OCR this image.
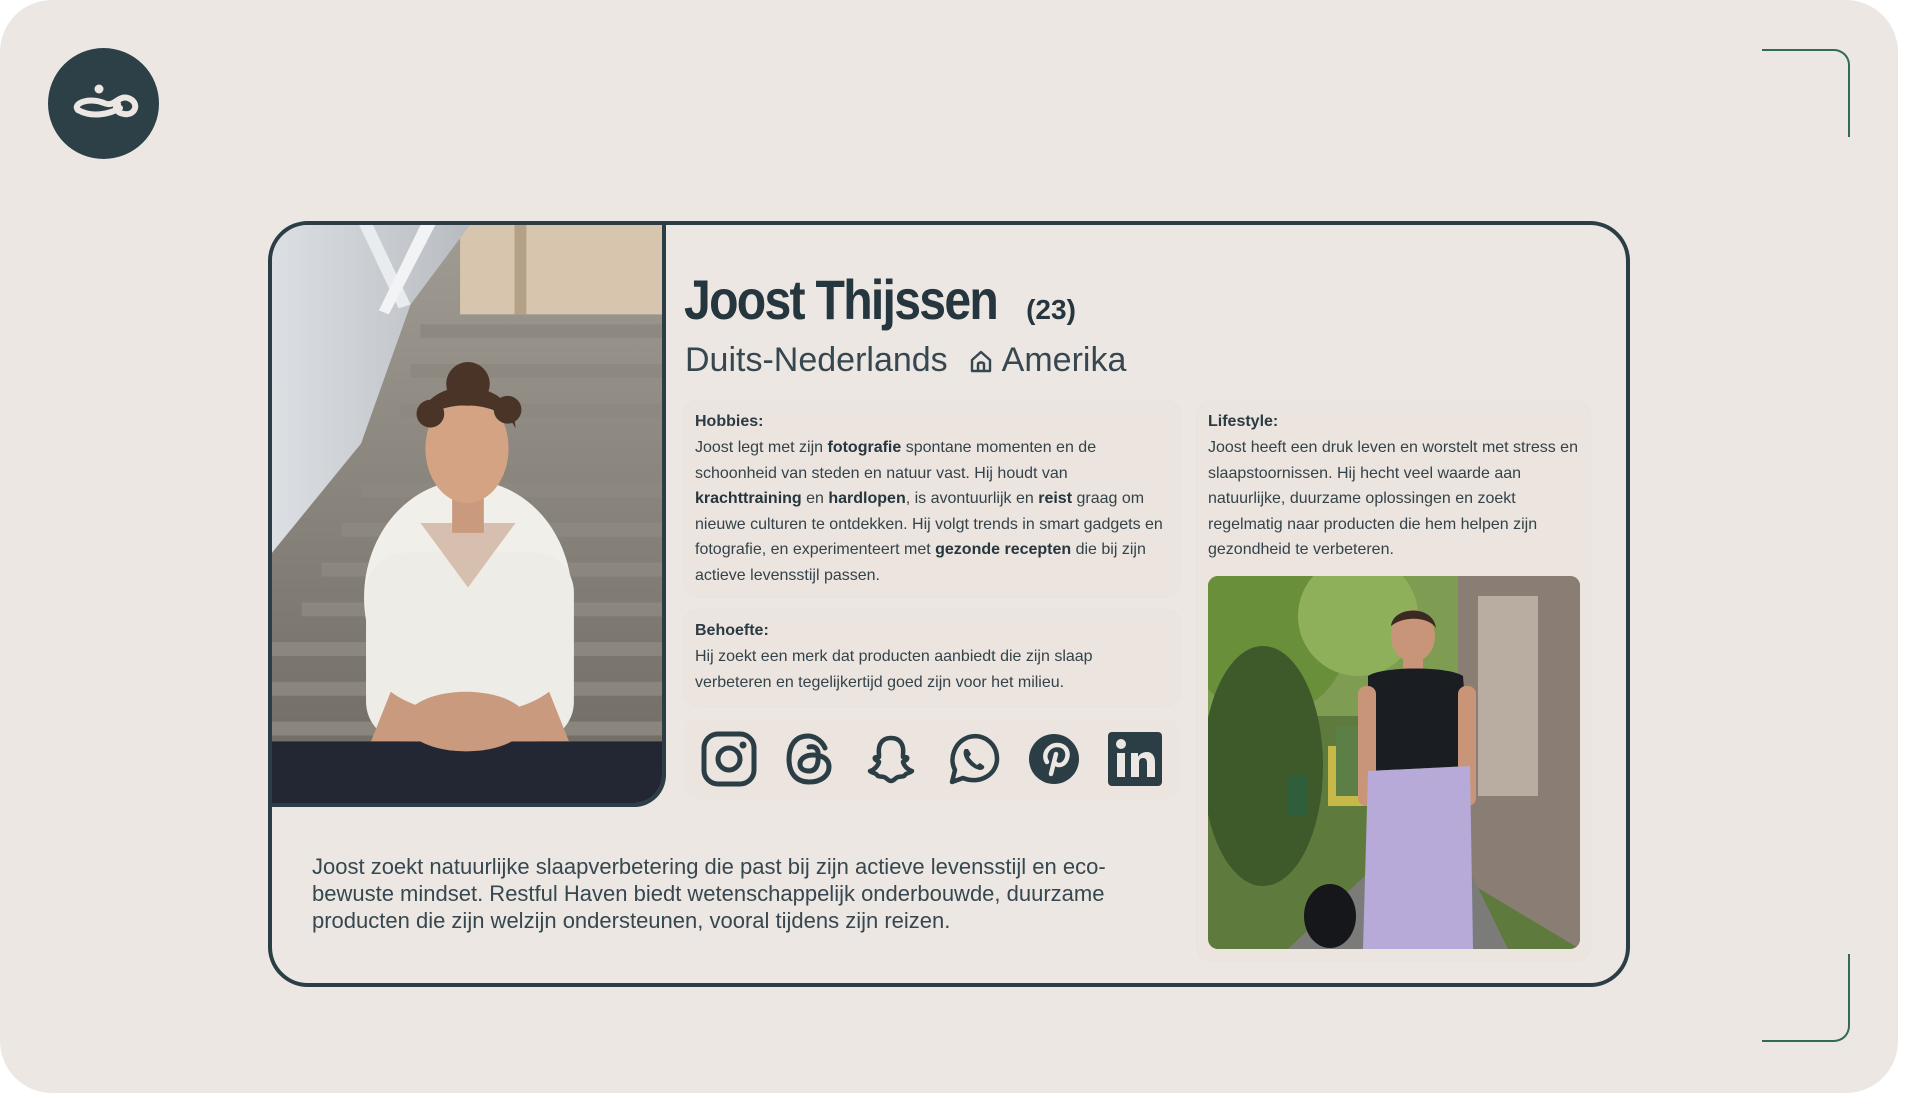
Joost Thijssen (23)
Duits-Nederlands Amerika
Hobbies:
Joost legt met zijn fotografie spontane momenten en de schoonheid van steden en natuur vast. Hij houdt van krachttraining en hardlopen, is avontuurlijk en reist graag om nieuwe culturen te ontdekken. Hij volgt trends in smart gadgets en fotografie, en experimenteert met gezonde recepten die bij zijn actieve levensstijl passen.
Behoefte:
Hij zoekt een merk dat producten aanbiedt die zijn slaap verbeteren en tegelijkertijd goed zijn voor het milieu.
Lifestyle:
Joost heeft een druk leven en worstelt met stress en slaapstoornissen. Hij hecht veel waarde aan natuurlijke, duurzame oplossingen en zoekt regelmatig naar producten die hem helpen zijn gezondheid te verbeteren.
Joost zoekt natuurlijke slaapverbetering die past bij zijn actieve levensstijl en eco-bewuste mindset. Restful Haven biedt wetenschappelijk onderbouwde, duurzame producten die zijn welzijn ondersteunen, vooral tijdens zijn reizen.
